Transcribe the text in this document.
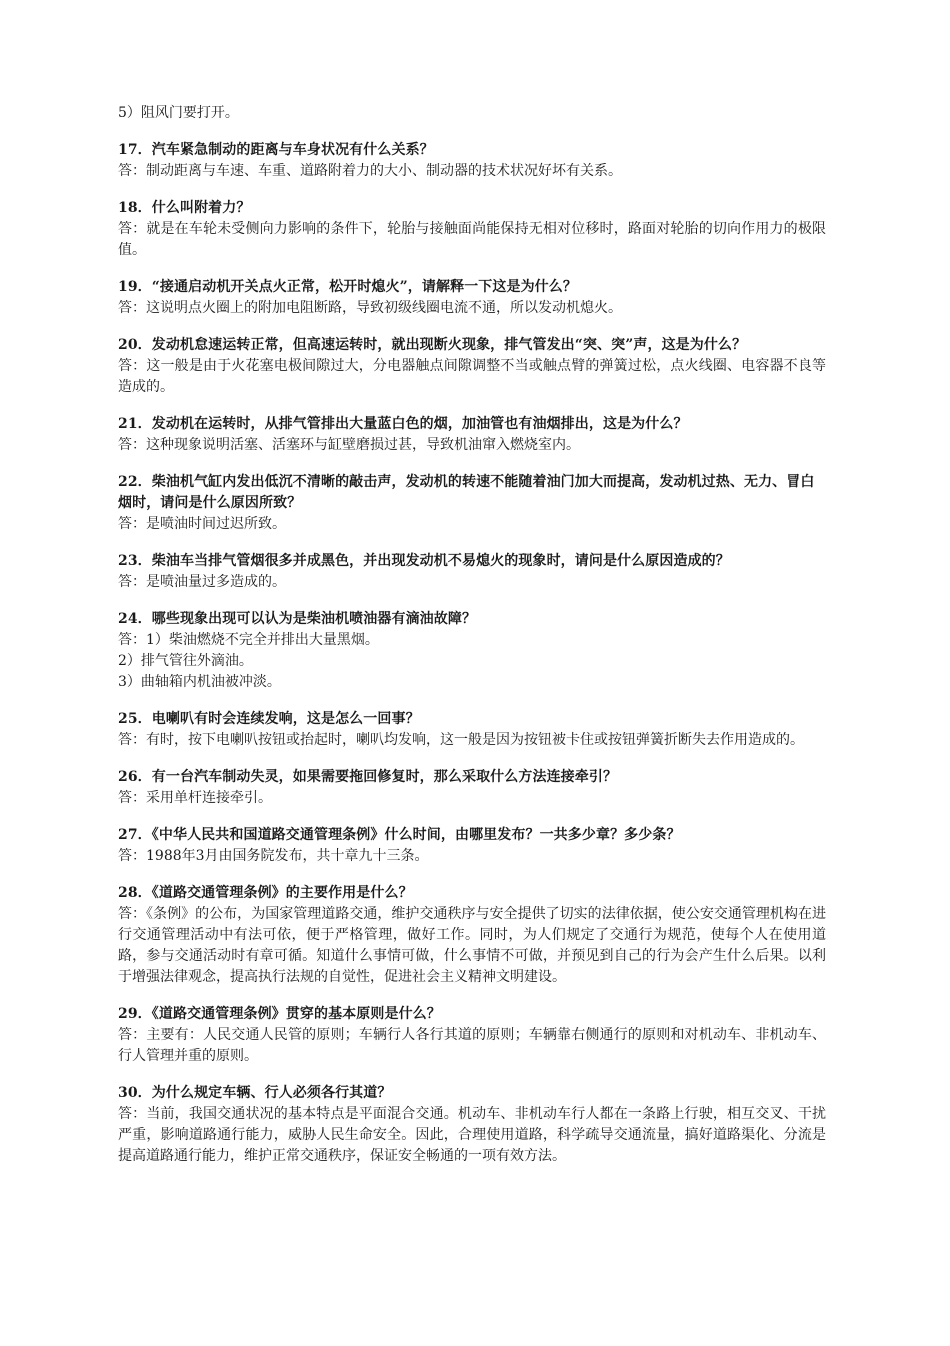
5）阻风门要打开。

17．汽车紧急制动的距离与车身状况有什么关系？

答：制动距离与车速、车重、道路附着力的大小、制动器的技术状况好坏有关系。

18．什么叫附着力？

答：就是在车轮未受侧向力影响的条件下，轮胎与接触面尚能保持无相对位移时，路面对轮胎的切向作用力的极限值。

19．“接通启动机开关点火正常，松开时熄火”，请解释一下这是为什么？

答：这说明点火圈上的附加电阻断路，导致初级线圈电流不通，所以发动机熄火。

20．发动机怠速运转正常，但高速运转时，就出现断火现象，排气管发出“突、突”声，这是为什么？

答：这一般是由于火花塞电极间隙过大，分电器触点间隙调整不当或触点臂的弹簧过松，点火线圈、电容器不良等造成的。

21．发动机在运转时，从排气管排出大量蓝白色的烟，加油管也有油烟排出，这是为什么？

答：这种现象说明活塞、活塞环与缸壁磨损过甚，导致机油窜入燃烧室内。

22．柴油机气缸内发出低沉不清晰的敲击声，发动机的转速不能随着油门加大而提高，发动机过热、无力、冒白烟时，请问是什么原因所致？

答：是喷油时间过迟所致。

23．柴油车当排气管烟很多并成黑色，并出现发动机不易熄火的现象时，请问是什么原因造成的？

答：是喷油量过多造成的。

24．哪些现象出现可以认为是柴油机喷油器有滴油故障？

答：1）柴油燃烧不完全并排出大量黑烟。

2）排气管往外滴油。

3）曲轴箱内机油被冲淡。

25．电喇叭有时会连续发响，这是怎么一回事？

答：有时，按下电喇叭按钮或抬起时，喇叭均发响，这一般是因为按钮被卡住或按钮弹簧折断失去作用造成的。

26．有一台汽车制动失灵，如果需要拖回修复时，那么采取什么方法连接牵引？

答：采用单杆连接牵引。

27．《中华人民共和国道路交通管理条例》什么时间，由哪里发布？一共多少章？多少条？

答：1988年3月由国务院发布，共十章九十三条。

28．《道路交通管理条例》的主要作用是什么？

答：《条例》的公布，为国家管理道路交通，维护交通秩序与安全提供了切实的法律依据，使公安交通管理机构在进行交通管理活动中有法可依，便于严格管理，做好工作。同时，为人们规定了交通行为规范，使每个人在使用道路，参与交通活动时有章可循。知道什么事情可做，什么事情不可做，并预见到自己的行为会产生什么后果。以利于增强法律观念，提高执行法规的自觉性，促进社会主义精神文明建设。

29．《道路交通管理条例》贯穿的基本原则是什么？

答：主要有：人民交通人民管的原则；车辆行人各行其道的原则；车辆靠右侧通行的原则和对机动车、非机动车、行人管理并重的原则。

30．为什么规定车辆、行人必须各行其道？

答：当前，我国交通状况的基本特点是平面混合交通。机动车、非机动车行人都在一条路上行驶，相互交叉、干扰严重，影响道路通行能力，威胁人民生命安全。因此，合理使用道路，科学疏导交通流量，搞好道路渠化、分流是提高道路通行能力，维护正常交通秩序，保证安全畅通的一项有效方法。
